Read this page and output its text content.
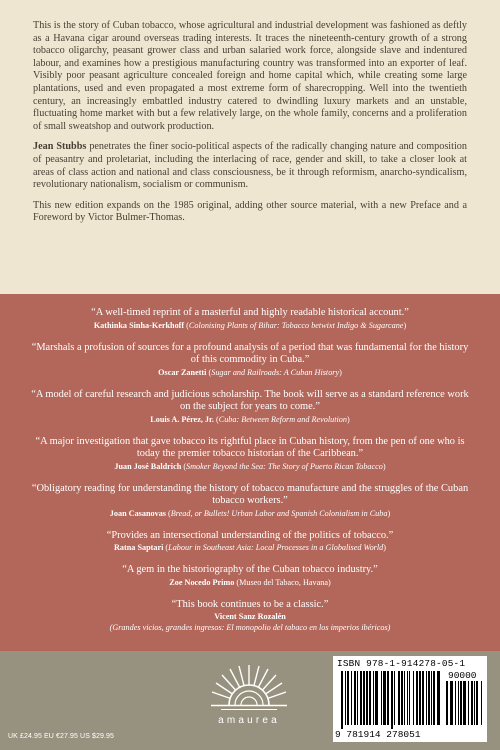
This is the story of Cuban tobacco, whose agricultural and industrial development was fashioned as deftly as a Havana cigar around overseas trading interests. It traces the nineteenth-century growth of a strong tobacco oligarchy, peasant grower class and urban salaried work force, alongside slave and indentured labour, and examines how a prestigious manufacturing country was transformed into an exporter of leaf. Visibly poor peasant agriculture concealed foreign and home capital which, while creating some large plantations, used and even propagated a most extreme form of sharecropping. Well into the twentieth century, an increasingly embattled industry catered to dwindling luxury markets and an unstable, fluctuating home market with but a few relatively large, on the whole family, concerns and a proliferation of small sweatshop and outwork production.

Jean Stubbs penetrates the finer socio-political aspects of the radically changing nature and composition of peasantry and proletariat, including the interlacing of race, gender and skill, to take a closer look at areas of class action and national and class consciousness, be it through reformism, anarcho-syndicalism, revolutionary nationalism, socialism or communism.

This new edition expands on the 1985 original, adding other source material, with a new Preface and a Foreword by Victor Bulmer-Thomas.

“A well-timed reprint of a masterful and highly readable historical account.”
Kathinka Sinha-Kerkhoff (Colonising Plants of Bihar: Tobacco betwixt Indigo & Sugarcane)
“Marshals a profusion of sources for a profound analysis of a period that was fundamental for the history of this commodity in Cuba.”
Oscar Zanetti (Sugar and Railroads: A Cuban History)
“A model of careful research and judicious scholarship. The book will serve as a standard reference work on the subject for years to come.”
Louis A. Pérez, Jr. (Cuba: Between Reform and Revolution)
“A major investigation that gave tobacco its rightful place in Cuban history, from the pen of one who is today the premier tobacco historian of the Caribbean.”
Juan José Baldrich (Smoker Beyond the Sea: The Story of Puerto Rican Tobacco)
“Obligatory reading for understanding the history of tobacco manufacture and the struggles of the Cuban tobacco workers.”
Joan Casanovas (Bread, or Bullets! Urban Labor and Spanish Colonialism in Cuba)
“Provides an intersectional understanding of the politics of tobacco.”
Ratna Saptari (Labour in Southeast Asia: Local Processes in a Globalised World)
“A gem in the historiography of the Cuban tobacco industry.”
Zoe Nocedo Primo (Museo del Tabaco, Havana)
“This book continues to be a classic.”
Vicent Sanz Rozalén
(Grandes vicios, grandes ingresos: El monopolio del tabaco en los imperios ibéricos)
amaurea
UK £24.95 EU €27.95 US $29.95
ISBN 978-1-914278-05-1
90000
9 781914 278051
